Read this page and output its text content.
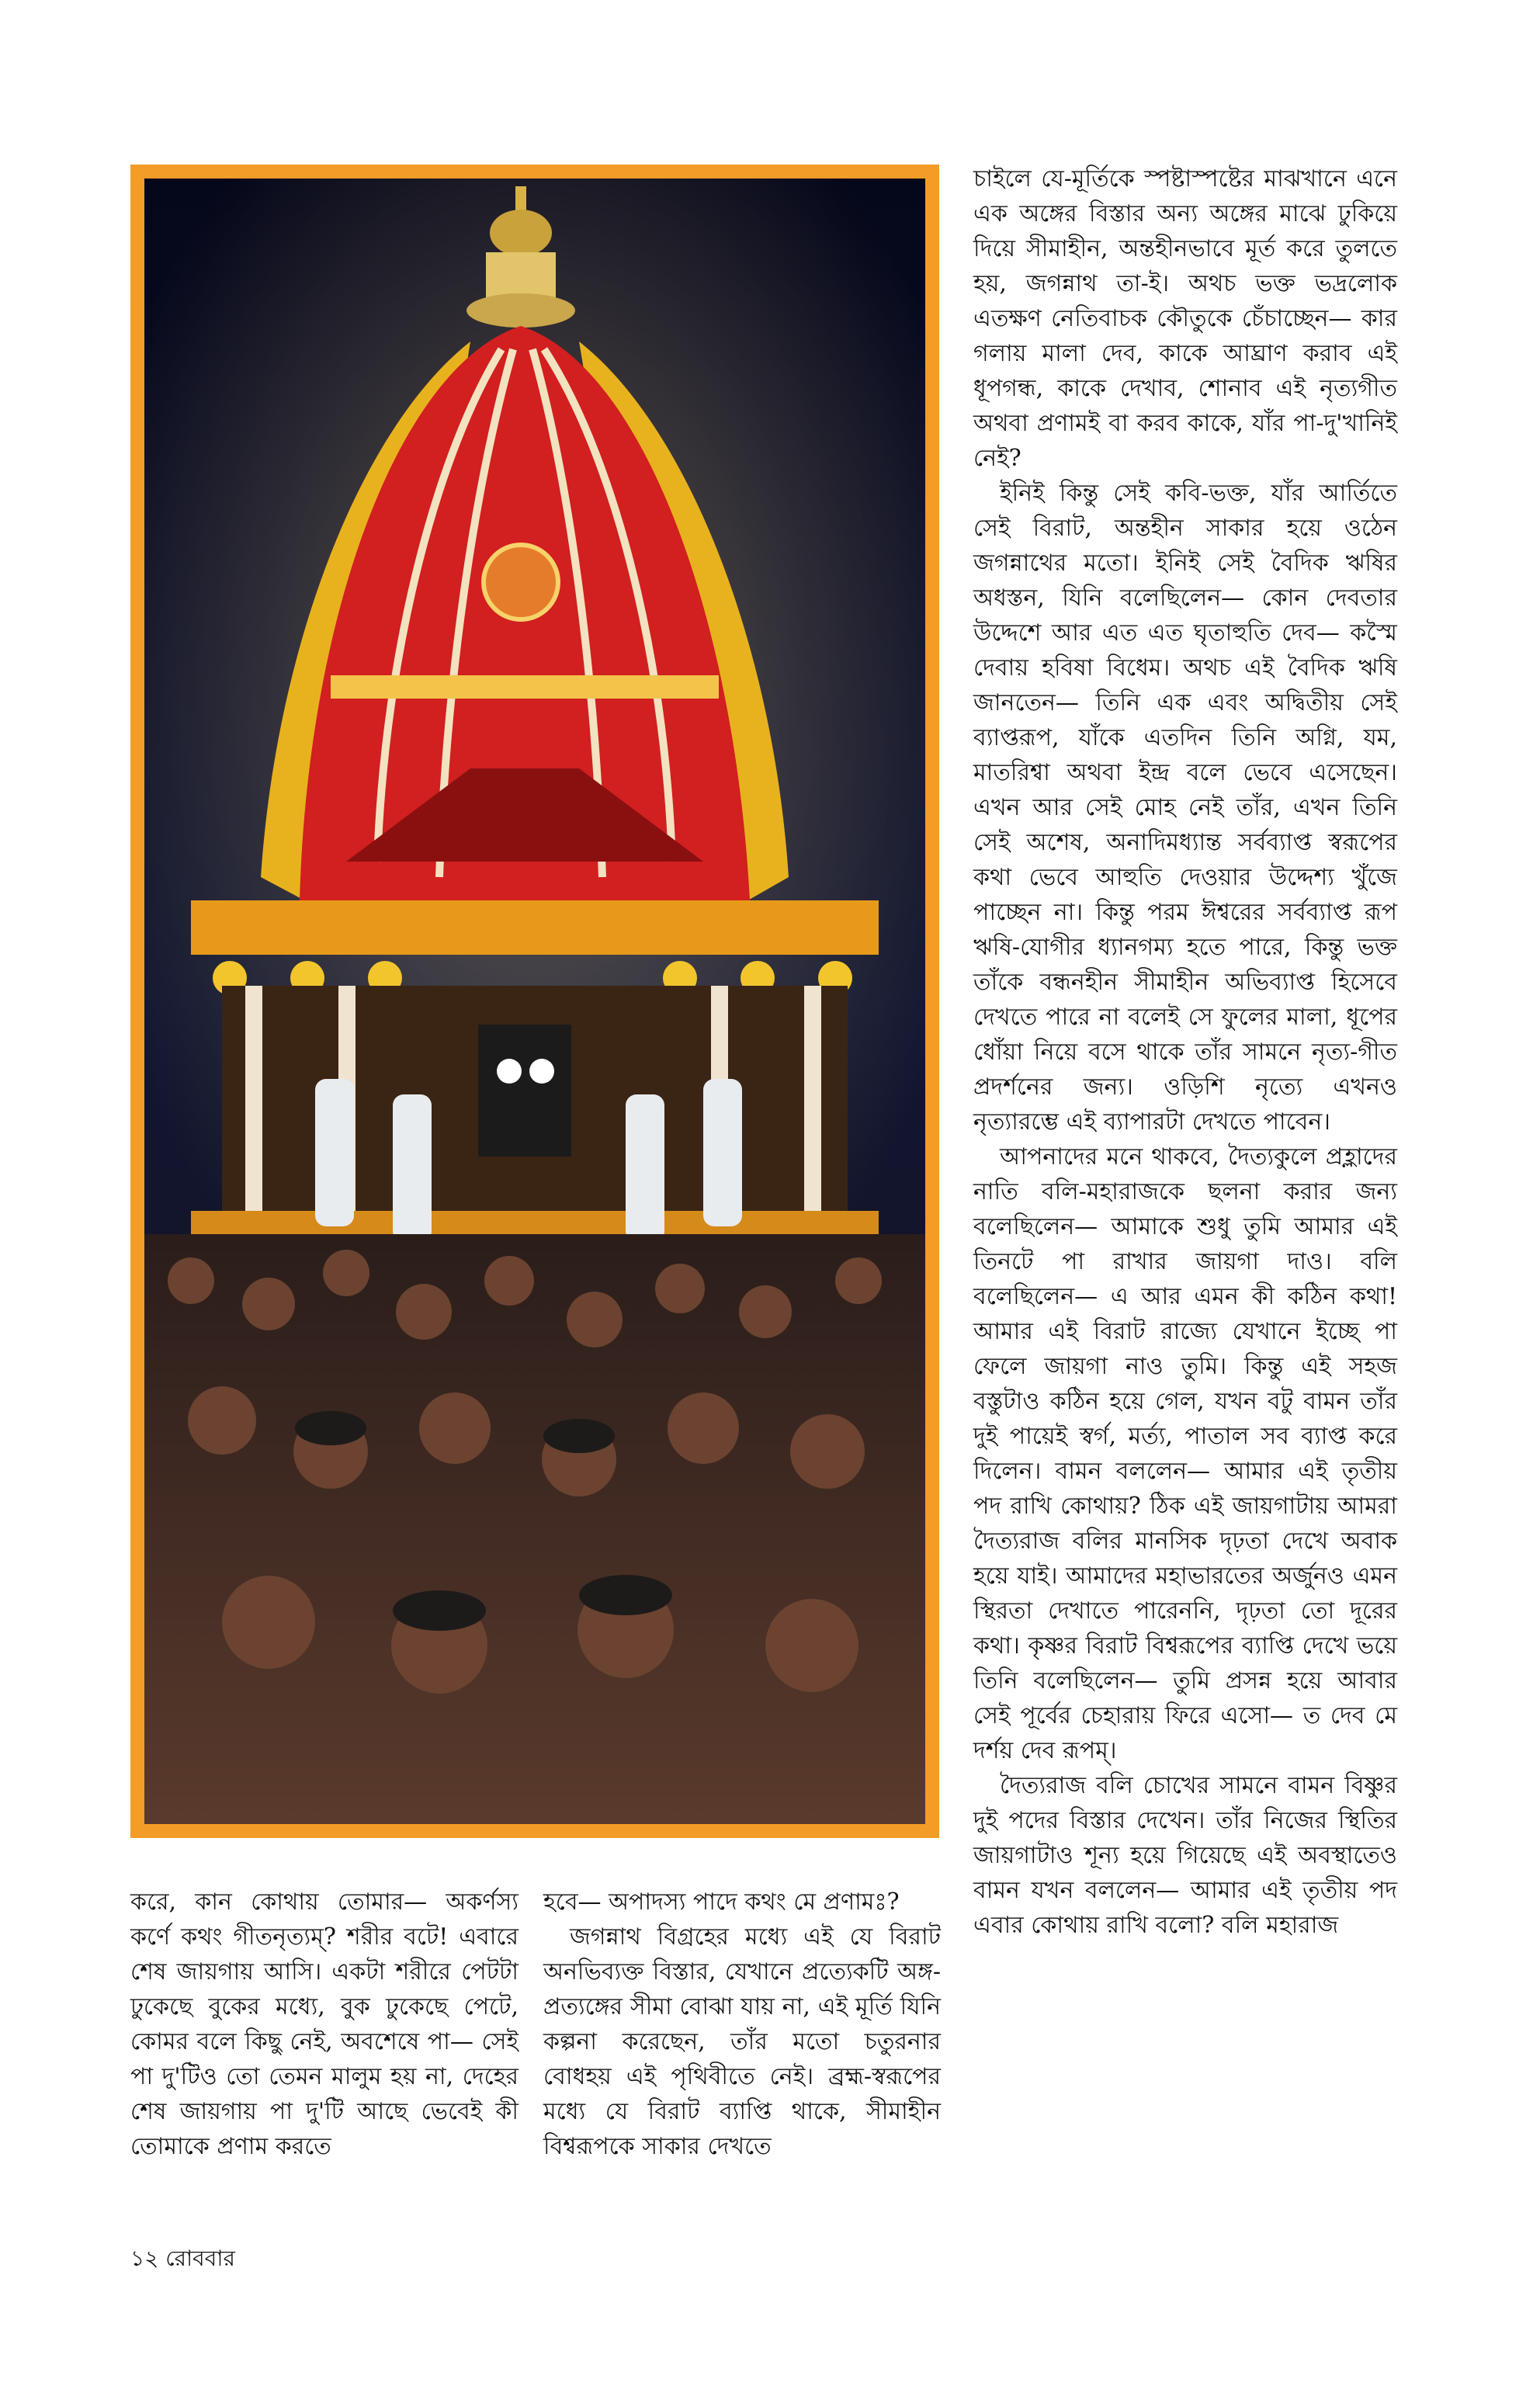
চাইলে যে-মূর্তিকে স্পষ্টাস্পষ্টের মাঝখানে এনে এক অঙ্গের বিস্তার অন্য অঙ্গের মাঝে ঢুকিয়ে দিয়ে সীমাহীন, অন্তহীনভাবে মূর্ত করে তুলতে হয়, জগন্নাথ তা-ই। অথচ ভক্ত ভদ্রলোক এতক্ষণ নেতিবাচক কৌতুকে চেঁচাচ্ছেন— কার গলায় মালা দেব, কাকে আঘ্রাণ করাব এই ধূপগন্ধ, কাকে দেখাব, শোনাব এই নৃত্যগীত অথবা প্রণামই বা করব কাকে, যাঁর পা-দু'খানিই নেই?

ইনিই কিন্তু সেই কবি-ভক্ত, যাঁর আর্তিতে সেই বিরাট, অন্তহীন সাকার হয়ে ওঠেন জগন্নাথের মতো। ইনিই সেই বৈদিক ঋষির অধস্তন, যিনি বলেছিলেন— কোন দেবতার উদ্দেশে আর এত এত ঘৃতাহুতি দেব— কস্মৈ দেবায় হবিষা বিধেম। অথচ এই বৈদিক ঋষি জানতেন— তিনি এক এবং অদ্বিতীয় সেই ব্যাপ্তরূপ, যাঁকে এতদিন তিনি অগ্নি, যম, মাতরিশ্বা অথবা ইন্দ্র বলে ভেবে এসেছেন। এখন আর সেই মোহ নেই তাঁর, এখন তিনি সেই অশেষ, অনাদিমধ্যান্ত সর্বব্যাপ্ত স্বরূপের কথা ভেবে আহুতি দেওয়ার উদ্দেশ্য খুঁজে পাচ্ছেন না। কিন্তু পরম ঈশ্বরের সর্বব্যাপ্ত রূপ ঋষি-যোগীর ধ্যানগম্য হতে পারে, কিন্তু ভক্ত তাঁকে বন্ধনহীন সীমাহীন অভিব্যাপ্ত হিসেবে দেখতে পারে না বলেই সে ফুলের মালা, ধূপের ধোঁয়া নিয়ে বসে থাকে তাঁর সামনে নৃত্য-গীত প্রদর্শনের জন্য। ওড়িশি নৃত্যে এখনও নৃত্যারম্ভে এই ব্যাপারটা দেখতে পাবেন।

আপনাদের মনে থাকবে, দৈত্যকুলে প্রহ্লাদের নাতি বলি-মহারাজকে ছলনা করার জন্য বলেছিলেন— আমাকে শুধু তুমি আমার এই তিনটে পা রাখার জায়গা দাও। বলি বলেছিলেন— এ আর এমন কী কঠিন কথা! আমার এই বিরাট রাজ্যে যেখানে ইচ্ছে পা ফেলে জায়গা নাও তুমি। কিন্তু এই সহজ বস্তুটাও কঠিন হয়ে গেল, যখন বটু বামন তাঁর দুই পায়েই স্বর্গ, মর্ত্য, পাতাল সব ব্যাপ্ত করে দিলেন। বামন বললেন— আমার এই তৃতীয় পদ রাখি কোথায়? ঠিক এই জায়গাটায় আমরা দৈত্যরাজ বলির মানসিক দৃঢ়তা দেখে অবাক হয়ে যাই। আমাদের মহাভারতের অর্জুনও এমন স্থিরতা দেখাতে পারেননি, দৃঢ়তা তো দূরের কথা। কৃষ্ণর বিরাট বিশ্বরূপের ব্যাপ্তি দেখে ভয়ে তিনি বলেছিলেন— তুমি প্রসন্ন হয়ে আবার সেই পূর্বের চেহারায় ফিরে এসো— ত দেব মে দর্শয় দেব রূপম্‌।

দৈত্যরাজ বলি চোখের সামনে বামন বিষ্ণুর দুই পদের বিস্তার দেখেন। তাঁর নিজের স্থিতির জায়গাটাও শূন্য হয়ে গিয়েছে এই অবস্থাতেও বামন যখন বললেন— আমার এই তৃতীয় পদ এবার কোথায় রাখি বলো? বলি মহারাজ

করে, কান কোথায় তোমার— অকর্ণস্য কর্ণে কথং গীতনৃত্যম্‌? শরীর বটে! এবারে শেষ জায়গায় আসি। একটা শরীরে পেটটা ঢুকেছে বুকের মধ্যে, বুক ঢুকেছে পেটে, কোমর বলে কিছু নেই, অবশেষে পা— সেই পা দু'টিও তো তেমন মালুম হয় না, দেহের শেষ জায়গায় পা দু'টি আছে ভেবেই কী তোমাকে প্রণাম করতে

হবে— অপাদস্য পাদে কথং মে প্রণামঃ?

জগন্নাথ বিগ্রহের মধ্যে এই যে বিরাট অনভিব্যক্ত বিস্তার, যেখানে প্রত্যেকটি অঙ্গ-প্রত্যঙ্গের সীমা বোঝা যায় না, এই মূর্তি যিনি কল্পনা করেছেন, তাঁর মতো চতুরনার বোধহয় এই পৃথিবীতে নেই। ব্রহ্ম-স্বরূপের মধ্যে যে বিরাট ব্যাপ্তি থাকে, সীমাহীন বিশ্বরূপকে সাকার দেখতে

১২ রোববার
